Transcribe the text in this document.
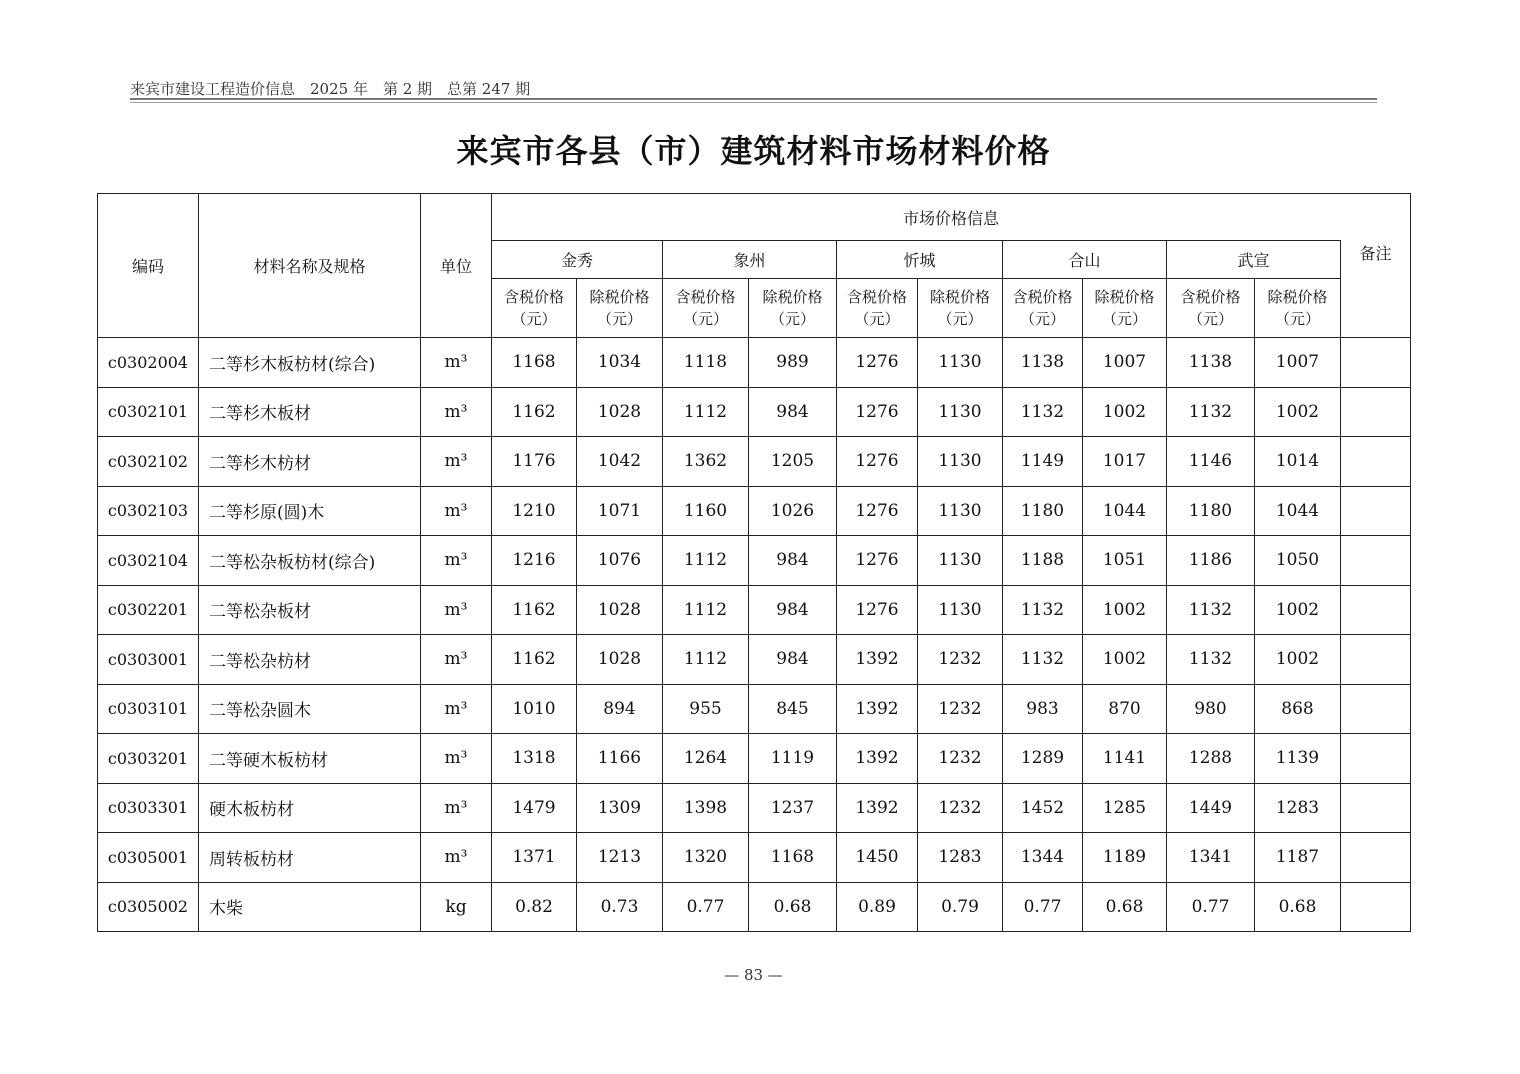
来宾市建设工程造价信息　2025 年　第 2 期　总第 247 期
来宾市各县（市）建筑材料市场材料价格
编码	材料名称及规格	单位	市场价格信息										
			金秀		象州		忻城		合山		武宣		备注
			含税价格（元）	除税价格（元）	含税价格（元）	除税价格（元）	含税价格（元）	除税价格（元）	含税价格（元）	除税价格（元）	含税价格（元）	除税价格（元）	
c0302004	二等杉木板枋材(综合)	m³	1168	1034	1118	989	1276	1130	1138	1007	1138	1007	
c0302101	二等杉木板材	m³	1162	1028	1112	984	1276	1130	1132	1002	1132	1002	
c0302102	二等杉木枋材	m³	1176	1042	1362	1205	1276	1130	1149	1017	1146	1014	
c0302103	二等杉原(圆)木	m³	1210	1071	1160	1026	1276	1130	1180	1044	1180	1044	
c0302104	二等松杂板枋材(综合)	m³	1216	1076	1112	984	1276	1130	1188	1051	1186	1050	
c0302201	二等松杂板材	m³	1162	1028	1112	984	1276	1130	1132	1002	1132	1002	
c0303001	二等松杂枋材	m³	1162	1028	1112	984	1392	1232	1132	1002	1132	1002	
c0303101	二等松杂圆木	m³	1010	894	955	845	1392	1232	983	870	980	868	
c0303201	二等硬木板枋材	m³	1318	1166	1264	1119	1392	1232	1289	1141	1288	1139	
c0303301	硬木板枋材	m³	1479	1309	1398	1237	1392	1232	1452	1285	1449	1283	
c0305001	周转板枋材	m³	1371	1213	1320	1168	1450	1283	1344	1189	1341	1187	
c0305002	木柴	kg	0.82	0.73	0.77	0.68	0.89	0.79	0.77	0.68	0.77	0.68	
— 83 —
